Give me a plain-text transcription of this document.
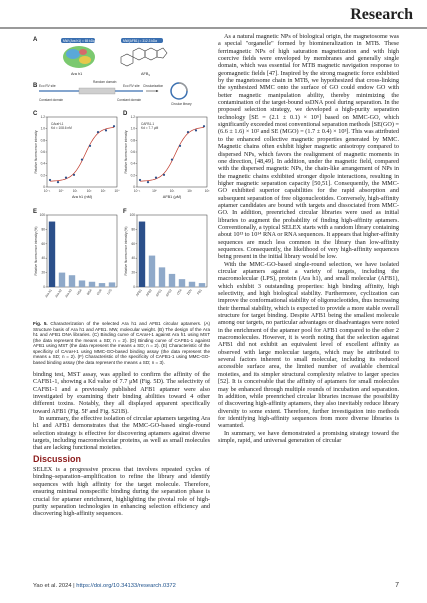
Research
A	MW (Ara h1) = 65 kDa	MW(AFB1) = 312.3 kDa
Ara h1	$AFB_1$
B
Random domain
Eco RV site	Eco RV site
Constant domain	Constant domain
Circularization
Circular library
C
0
0.2
0.4
0.6
0.8
1.0
1.2
Relative fluorescence intensity
10⁻¹	10⁰	10¹	10²	10³	10⁴
Ara h1 (nM)
CAraH-1
Kd = 108.6 nM
D
0
0.2
0.4
0.6
0.8
1.0
1.2
Relative fluorescence intensity
10⁻¹	10⁰	10¹	10²	10³
AFB1 (μM)
CAFB1-1
Kd = 7.7 μM
E
0
20
40
60
80
100
Relative fluorescence intensity (%)
Ara h1 Ara h2 Ara h3 HSA BSA OVA LYS
F
0
20
40
60
80
100
Relative fluorescence intensity (%)
AFB1 AFB2 AFG1 AFG2 OTA ZEN FB1
Fig. 5. Characterization of the selected Ara h1 and AFB1 circular aptamers. (A) Structure basis of Ara h1 and AFB1. MW, molecular weight. (B) The design of the Ara h1 and AFB1 DNA libraries. (C) Binding curve of CAraH-1 against Ara h1 using MST (the data represent the means ± SD; n = 2). (D) Binding curve of CAFB1-1 against AFB1 using MST (the data represent the means ± SD; n = 2). (E) Characteristic of the specificity of CAraH-1 using MMC-GO-based binding assay (the data represent the means ± SD; n = 2). (F) Characteristic of the specificity of CAFB1-1 using MMC-GO-based binding assay (the data represent the means ± SD; n = 3).

binding test, MST assay, was applied to confirm the affinity of the CAFB1-1, showing a Kd value of 7.7 μM (Fig. 5D). The selectivity of CAFB1-1 and a previously published AFB1 aptamer were also investigated by examining their binding abilities toward 4 other different toxins. Notably, they all displayed apparent specifically toward AFB1 (Fig. 5F and Fig. S21B).

In summary, the effective isolation of circular aptamers targeting Ara h1 and AFB1 demonstrates that the MMC-GO-based single-round selection strategy is effective for discovering aptamers against diverse targets, including macromolecular proteins, as well as small molecules that are lacking functional moieties.

Discussion

SELEX is a progressive process that involves repeated cycles of binding–separation–amplification to refine the library and identify sequences with high affinity for the target molecule. Therefore, ensuring minimal nonspecific binding during the separation phase is crucial for aptamer enrichment, highlighting the pivotal role of high-purity separation technologies in enhancing selection efficiency and discovering high-affinity sequences.

As a natural magnetic NPs of biological origin, the magnetosome was a special "organelle" formed by biomineralization in MTB. These ferrimagnetic NPs of high saturation magnetization and with high coercive fields were enveloped by membranes and generally single domain, which was essential for MTB magnetic navigation response to geomagnetic fields [47]. Inspired by the strong magnetic force exhibited by the magnetosome chain in MTB, we hypothesized that cross-linking the synthesized MMC onto the surface of GO could endow GO with better magnetic manipulation ability, thereby minimizing the contamination of the target-bound ssDNA pool during separation. In the proposed selection strategy, we developed a high-purity separation technology [SE = (2.1 ± 0.1) × 10⁵] based on MMC-GO, which significantly exceeded most conventional separation methods [SE(GO) = (6.6 ± 1.6) × 10² and SE (MGO) = (1.7 ± 0.4) × 10³]. This was attributed to the enhanced collective magnetic properties generated by MMC. Magnetic chains often exhibit higher magnetic anisotropy compared to dispersed NPs, which favors the realignment of magnetic moments in one direction, [48,49]. In addition, under the magnetic field, compared with the dispersed magnetic NPs, the chain-like arrangement of NPs in the magnetic chains exhibited stronger dipole interactions, resulting in higher magnetic separation capacity [50,51]. Consequently, the MMC-GO exhibited superior capabilities for the rapid absorption and subsequent separation of free oligonucleotides. Conversely, high-affinity aptamer candidates are bound with targets and dissociated from MMC-GO. In addition, preenriched circular libraries were used as initial libraries to augment the probability of finding high-affinity aptamers. Conventionally, a typical SELEX starts with a random library containing about 10¹³ to 10¹⁴ RNA or RNA sequences. It appears that higher-affinity sequences are much less common in the library than low-affinity sequences. Consequently, the likelihood of very high-affinity sequences being present in the initial library would be low.

With the MMC-GO-based single-round selection, we have isolated circular aptamers against a variety of targets, including the macromolecular (LPS), protein (Ara h1), and small molecular (AFB1), which exhibit 3 outstanding properties: high binding affinity, high selectivity, and high biological stability. Furthermore, cyclization can improve the conformational stability of oligonucleotides, thus increasing their thermal stability, which is expected to provide a more stable overall structure for target binding. Despite AFB1 being the smallest molecule among our targets, no particular advantages or disadvantages were noted in the enrichment of the aptamer pool for AFB1 compared to the other 2 macromolecules. However, it is worth noting that the selection against AFB1 did not exhibit an equivalent level of excellent affinity as observed with large molecular targets, which may be attributed to several factors inherent to small molecular, including its reduced accessible surface area, the limited number of available chemical moieties, and its simpler structural complexity relative to larger species [52]. It is conceivable that the affinity of aptamers for small molecules may be enhanced through multiple rounds of incubation and separation. In addition, while preenriched circular libraries increase the possibility of discovering high-affinity aptamers, they also inevitably reduce library diversity to some extent. Therefore, further investigation into methods for identifying high-affinity sequences from more diverse libraries is warranted.

In summary, we have demonstrated a promising strategy toward the simple, rapid, and universal generation of circular

Yao et al. 2024 | https://doi.org/10.34133/research.0372	7
